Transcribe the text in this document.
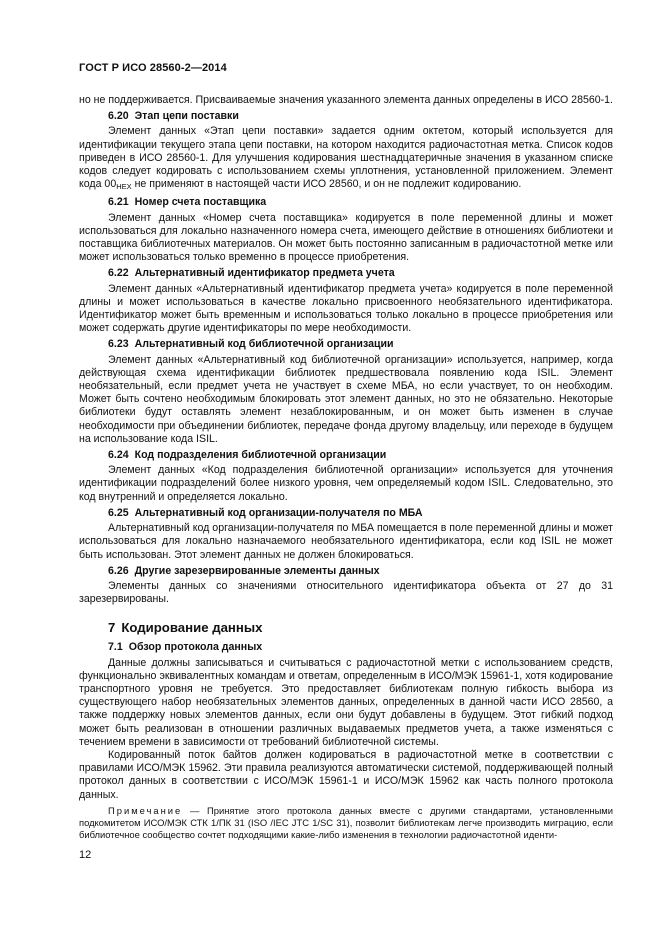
ГОСТ Р ИСО 28560-2—2014

но не поддерживается. Присваиваемые значения указанного элемента данных определены в ИСО 28560-1.

6.20 Этап цепи поставки

Элемент данных «Этап цепи поставки» задается одним октетом, который используется для идентификации текущего этапа цепи поставки, на котором находится радиочастотная метка. Список кодов приведен в ИСО 28560-1. Для улучшения кодирования шестнадцатеричные значения в указанном списке кодов следует кодировать с использованием схемы уплотнения, установленной приложением. Элемент кода $00_{HEX}$ не применяют в настоящей части ИСО 28560, и он не подлежит кодированию.

6.21 Номер счета поставщика

Элемент данных «Номер счета поставщика» кодируется в поле переменной длины и может использоваться для локально назначенного номера счета, имеющего действие в отношениях библиотеки и поставщика библиотечных материалов. Он может быть постоянно записанным в радиочастотной метке или может использоваться только временно в процессе приобретения.

6.22 Альтернативный идентификатор предмета учета

Элемент данных «Альтернативный идентификатор предмета учета» кодируется в поле переменной длины и может использоваться в качестве локально присвоенного необязательного идентификатора. Идентификатор может быть временным и использоваться только локально в процессе приобретения или может содержать другие идентификаторы по мере необходимости.

6.23 Альтернативный код библиотечной организации

Элемент данных «Альтернативный код библиотечной организации» используется, например, когда действующая схема идентификации библиотек предшествовала появлению кода ISIL. Элемент необязательный, если предмет учета не участвует в схеме МБА, но если участвует, то он необходим. Может быть сочтено необходимым блокировать этот элемент данных, но это не обязательно. Некоторые библиотеки будут оставлять элемент незаблокированным, и он может быть изменен в случае необходимости при объединении библиотек, передаче фонда другому владельцу, или переходе в будущем на использование кода ISIL.

6.24 Код подразделения библиотечной организации

Элемент данных «Код подразделения библиотечной организации» используется для уточнения идентификации подразделений более низкого уровня, чем определяемый кодом ISIL. Следовательно, это код внутренний и определяется локально.

6.25 Альтернативный код организации-получателя по МБА

Альтернативный код организации-получателя по МБА помещается в поле переменной длины и может использоваться для локально назначаемого необязательного идентификатора, если код ISIL не может быть использован. Этот элемент данных не должен блокироваться.

6.26 Другие зарезервированные элементы данных

Элементы данных со значениями относительного идентификатора объекта от 27 до 31 зарезервированы.

7 Кодирование данных
7.1 Обзор протокола данных

Данные должны записываться и считываться с радиочастотной метки с использованием средств, функционально эквивалентных командам и ответам, определенным в ИСО/МЭК 15961-1, хотя кодирование транспортного уровня не требуется. Это предоставляет библиотекам полную гибкость выбора из существующего набор необязательных элементов данных, определенных в данной части ИСО 28560, а также поддержку новых элементов данных, если они будут добавлены в будущем. Этот гибкий подход может быть реализован в отношении различных выдаваемых предметов учета, а также изменяться с течением времени в зависимости от требований библиотечной системы.

Кодированный поток байтов должен кодироваться в радиочастотной метке в соответствии с правилами ИСО/МЭК 15962. Эти правила реализуются автоматически системой, поддерживающей полный протокол данных в соответствии с ИСО/МЭК 15961-1 и ИСО/МЭК 15962 как часть полного протокола данных.

Примечание — Принятие этого протокола данных вместе с другими стандартами, установленными подкомитетом ИСО/МЭК СТК 1/ПК 31 (ISO /IEC JTC 1/SC 31), позволит библиотекам легче производить миграцию, если библиотечное сообщество сочтет подходящими какие-либо изменения в технологии радиочастотной иденти-

12
